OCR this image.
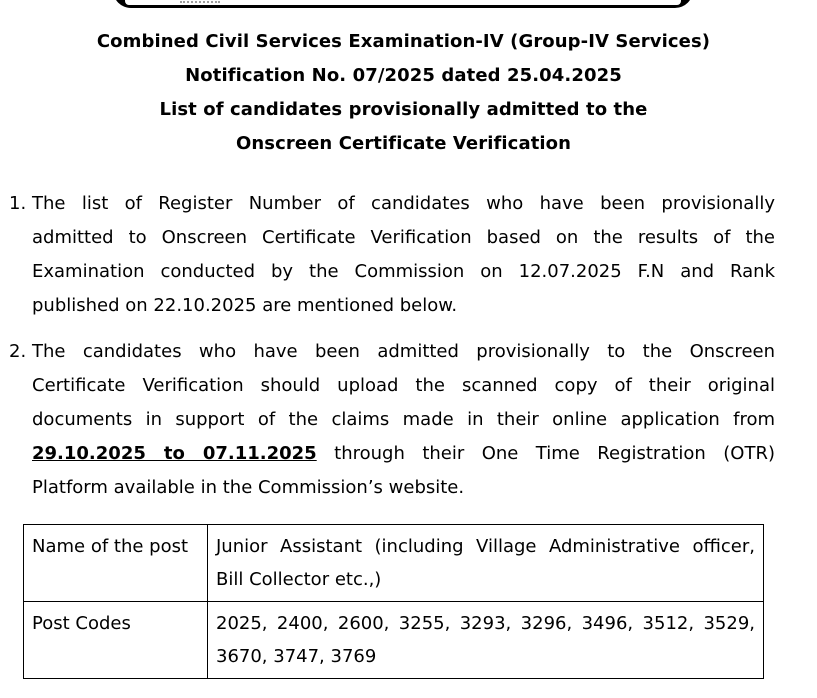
Combined Civil Services Examination-IV (Group-IV Services)
Notification No. 07/2025 dated 25.04.2025
List of candidates provisionally admitted to the
Onscreen Certificate Verification
1. The list of Register Number of candidates who have been provisionally
admitted to Onscreen Certificate Verification based on the results of the
Examination conducted by the Commission on 12.07.2025 F.N and Rank
published on 22.10.2025 are mentioned below.
2. The candidates who have been admitted provisionally to the Onscreen
Certificate Verification should upload the scanned copy of their original
documents in support of the claims made in their online application from
29.10.2025 to 07.11.2025 through their One Time Registration (OTR)
Platform available in the Commission’s website.
Name of the post	Junior Assistant (including Village Administrative officer,
Bill Collector etc.,)

Post Codes	2025, 2400, 2600, 3255, 3293, 3296, 3496, 3512, 3529,
3670, 3747, 3769
